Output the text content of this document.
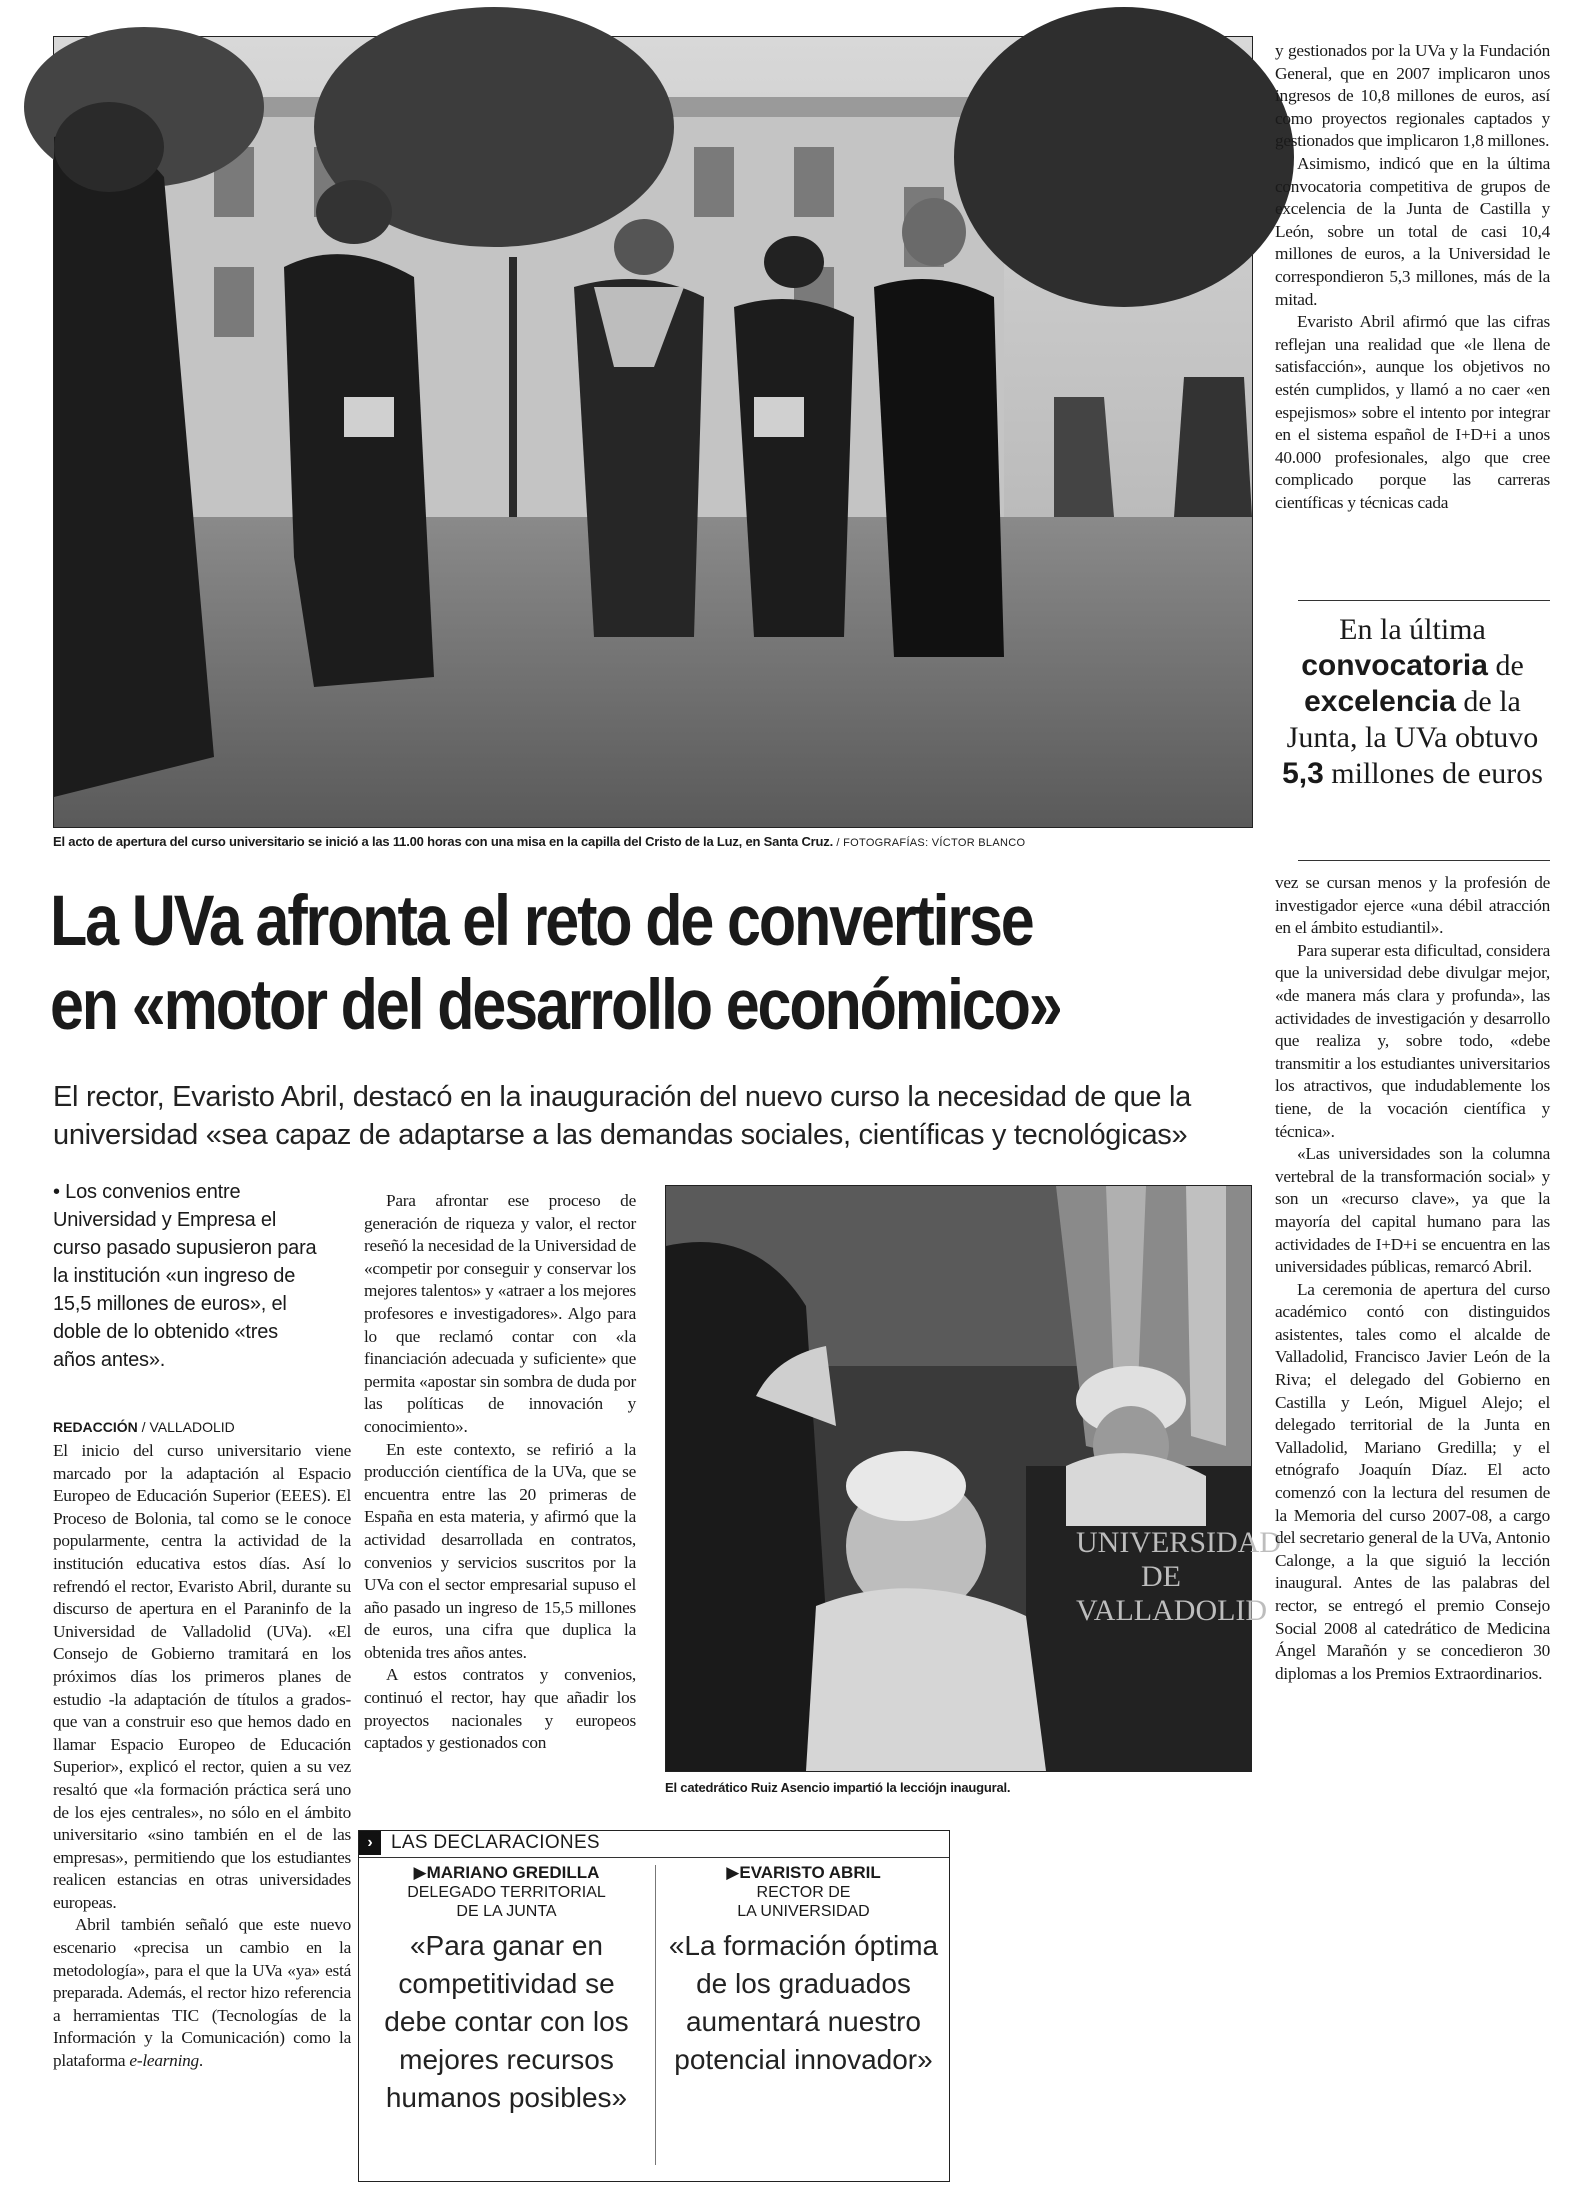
El acto de apertura del curso universitario se inició a las 11.00 horas con una misa en la capilla del Cristo de la Luz, en Santa Cruz. / FOTOGRAFÍAS: VÍCTOR BLANCO
La UVa afronta el reto de convertirse
en «motor del desarrollo económico»
El rector, Evaristo Abril, destacó en la inauguración del nuevo curso la necesidad de que la universidad «sea capaz de adaptarse a las demandas sociales, científicas y tecnológicas»
• Los convenios entre Universidad y Empresa el curso pasado supusieron para la institución «un ingreso de 15,5 millones de euros», el doble de lo obtenido «tres años antes».
REDACCIÓN / VALLADOLID

El inicio del curso universitario viene marcado por la adaptación al Espacio Europeo de Educación Superior (EEES). El Proceso de Bolonia, tal como se le conoce popularmente, centra la actividad de la institución educativa estos días. Así lo refrendó el rector, Evaristo Abril, durante su discurso de apertura en el Paraninfo de la Universidad de Valladolid (UVa). «El Consejo de Gobierno tramitará en los próximos días los primeros planes de estudio -la adaptación de títulos a grados- que van a construir eso que hemos dado en llamar Espacio Europeo de Educación Superior», explicó el rector, quien a su vez resaltó que «la formación práctica será uno de los ejes centrales», no sólo en el ámbito universitario «sino también en el de las empresas», permitiendo que los estudiantes realicen estancias en otras universidades europeas.

Abril también señaló que este nuevo escenario «precisa un cambio en la metodología», para el que la UVa «ya» está preparada. Además, el rector hizo referencia a herramientas TIC (Tecnologías de la Información y la Comunicación) como la plataforma e-learning.

Para afrontar ese proceso de generación de riqueza y valor, el rector reseñó la necesidad de la Universidad de «competir por conseguir y conservar los mejores talentos» y «atraer a los mejores profesores e investigadores». Algo para lo que reclamó contar con «la financiación adecuada y suficiente» que permita «apostar sin sombra de duda por las políticas de innovación y conocimiento».

En este contexto, se refirió a la producción científica de la UVa, que se encuentra entre las 20 primeras de España en esta materia, y afirmó que la actividad desarrollada en contratos, convenios y servicios suscritos por la UVa con el sector empresarial supuso el año pasado un ingreso de 15,5 millones de euros, una cifra que duplica la obtenida tres años antes.

A estos contratos y convenios, continuó el rector, hay que añadir los proyectos nacionales y europeos captados y gestionados con

UNIVERSIDAD
DE
VALLADOLID
El catedrático Ruiz Asencio impartió la leccióјn inaugural.

y gestionados por la UVa y la Fundación General, que en 2007 implicaron unos ingresos de 10,8 millones de euros, así como proyectos regionales captados y gestionados que implicaron 1,8 millones.

Asimismo, indicó que en la última convocatoria competitiva de grupos de excelencia de la Junta de Castilla y León, sobre un total de casi 10,4 millones de euros, a la Universidad le correspondieron 5,3 millones, más de la mitad.

Evaristo Abril afirmó que las cifras reflejan una realidad que «le llena de satisfacción», aunque los objetivos no estén cumplidos, y llamó a no caer «en espejismos» sobre el intento por integrar en el sistema español de I+D+i a unos 40.000 profesionales, algo que cree complicado porque las carreras científicas y técnicas cada

En la última convocatoria de excelencia de la Junta, la UVa obtuvo 5,3 millones de euros

vez se cursan menos y la profesión de investigador ejerce «una débil atracción en el ámbito estudiantil».

Para superar esta dificultad, considera que la universidad debe divulgar mejor, «de manera más clara y profunda», las actividades de investigación y desarrollo que realiza y, sobre todo, «debe transmitir a los estudiantes universitarios los atractivos, que indudablemente los tiene, de la vocación científica y técnica».

«Las universidades son la columna vertebral de la transformación social» y son un «recurso clave», ya que la mayoría del capital humano para las actividades de I+D+i se encuentra en las universidades públicas, remarcó Abril.

La ceremonia de apertura del curso académico contó con distinguidos asistentes, tales como el alcalde de Valladolid, Francisco Javier León de la Riva; el delegado del Gobierno en Castilla y León, Miguel Alejo; el delegado territorial de la Junta en Valladolid, Mariano Gredilla; y el etnógrafo Joaquín Díaz. El acto comenzó con la lectura del resumen de la Memoria del curso 2007-08, a cargo del secretario general de la UVa, Antonio Calonge, a la que siguió la lección inaugural. Antes de las palabras del rector, se entregó el premio Consejo Social 2008 al catedrático de Medicina Ángel Marañón y se concedieron 30 diplomas a los Premios Extraordinarios.

› LAS DECLARACIONES
▶MARIANO GREDILLA
DELEGADO TERRITORIAL
DE LA JUNTA
«Para ganar en competitividad se debe contar con los mejores recursos humanos posibles»
▶EVARISTO ABRIL
RECTOR DE
LA UNIVERSIDAD
«La formación óptima de los graduados aumentará nuestro potencial innovador»
